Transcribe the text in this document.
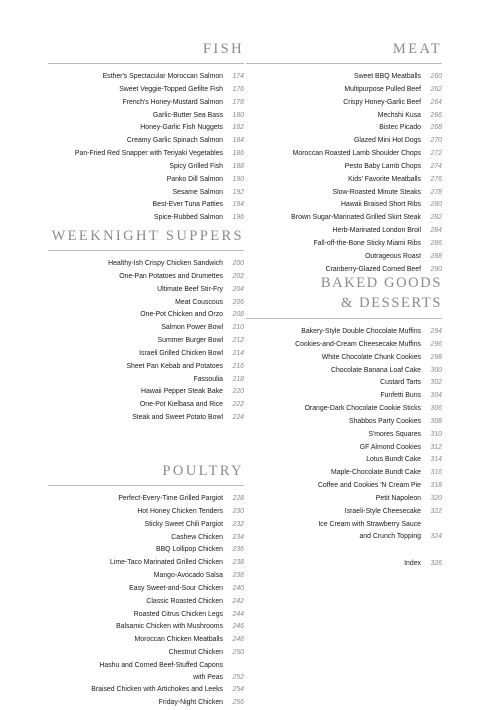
FISH
Esther's Spectacular Moroccan Salmon	174
Sweet Veggie-Topped Gefilte Fish	176
French's Honey-Mustard Salmon	178
Garlic-Butter Sea Bass	180
Honey-Garlic Fish Nuggets	182
Creamy Garlic Spinach Salmon	184
Pan-Fried Red Snapper with Teriyaki Vegetables	186
Spicy Grilled Fish	188
Panko Dill Salmon	190
Sesame Salmon	192
Best-Ever Tuna Patties	194
Spice-Rubbed Salmon	196
WEEKNIGHT SUPPERS
Healthy-Ish Crispy Chicken Sandwich	200
One-Pan Potatoes and Drumettes	202
Ultimate Beef Stir-Fry	204
Meat Couscous	206
One-Pot Chicken and Orzo	208
Salmon Power Bowl	210
Summer Burger Bowl	212
Israeli Grilled Chicken Bowl	214
Sheet Pan Kebab and Potatoes	216
Fassoulia	218
Hawaii Pepper Steak Bake	220
One-Pot Kielbasa and Rice	222
Steak and Sweet Potato Bowl	224
POULTRY
Perfect-Every-Time Grilled Pargiot	228
Hot Honey Chicken Tenders	230
Sticky Sweet Chili Pargiot	232
Cashew Chicken	234
BBQ Lollipop Chicken	236
Lime-Taco Marinated Grilled Chicken	238
Mango-Avocado Salsa	238
Easy Sweet-and-Sour Chicken	240
Classic Roasted Chicken	242
Roasted Citrus Chicken Legs	244
Balsamic Chicken with Mushrooms	246
Moroccan Chicken Meatballs	248
Chestnut Chicken	250
Hashu and Corned Beef-Stuffed Capons
with Peas	252
Braised Chicken with Artichokes and Leeks	254
Friday-Night Chicken	256
MEAT
Sweet BBQ Meatballs	260
Multipurpose Pulled Beef	262
Crispy Honey-Garlic Beef	264
Mechshi Kusa	266
Bistec Picado	268
Glazed Mini Hot Dogs	270
Moroccan Roasted Lamb Shoulder Chops	272
Pesto Baby Lamb Chops	274
Kids' Favorite Meatballs	276
Slow-Roasted Minute Steaks	278
Hawaii Braised Short Ribs	280
Brown Sugar-Marinated Grilled Skirt Steak	282
Herb-Marinated London Broil	284
Fall-off-the-Bone Sticky Miami Ribs	286
Outrageous Roast	288
Cranberry-Glazed Corned Beef	290
BAKED GOODS
& DESSERTS
Bakery-Style Double Chocolate Muffins	294
Cookies-and-Cream Cheesecake Muffins	296
White Chocolate Chunk Cookies	298
Chocolate Banana Loaf Cake	300
Custard Tarts	302
Funfetti Buns	304
Orange-Dark Chocolate Cookie Sticks	306
Shabbos Party Cookies	308
S'mores Squares	310
GF Almond Cookies	312
Lotus Bundt Cake	314
Maple-Chocolate Bundt Cake	316
Coffee and Cookies 'N Cream Pie	318
Petit Napoleon	320
Israeli-Style Cheesecake	322
Ice Cream with Strawberry Sauce
and Crunch Topping	324
Index	326
